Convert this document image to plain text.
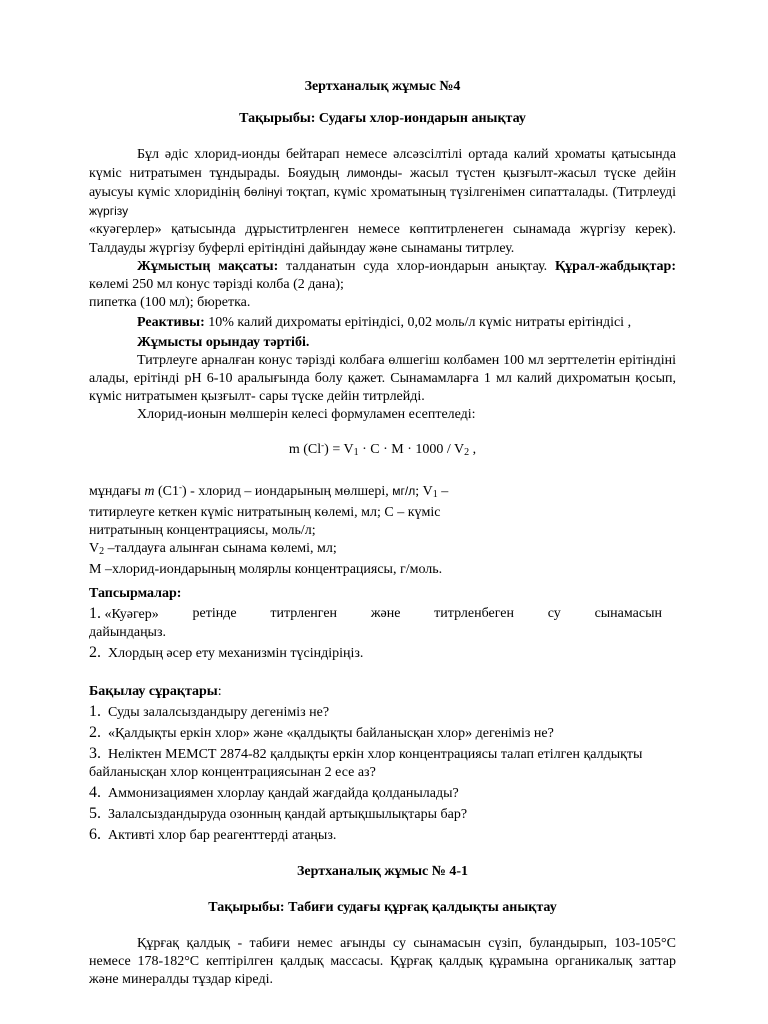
Зертханалық жұмыс №4

Тақырыбы: Судағы хлор-иондарын анықтау

Бұл әдіс хлорид-ионды бейтарап немесе әлсәзсілтілі ортада калий хроматы қатысында күміс нитратымен тұндырады. Бояудың лимонды- жасыл түстен қызғылт-жасыл түске дейін ауысуы күміс хлоридінің бөлінуі тоқтап, күміс хроматының түзілгенімен сипатталады. (Титрлеуді жүргізу

«куәгерлер» қатысында дұрыститрленген немесе көптитрленеген сынамада жүргізу керек). Талдауды жүргізу буферлі ерітіндіні дайындау және сынаманы титрлеу.

Жұмыстың мақсаты: талданатын суда хлор-иондарын анықтау. Құрал-жабдықтар: көлемі 250 мл конус тәрізді колба (2 дана);

пипетка (100 мл); бюретка.

Реактивы: 10% калий дихроматы ерітіндісі, 0,02 моль/л күміс нитраты ерітіндісі ,

Жұмысты орындау тәртібі.

Титрлеуге арналған конус тәрізді колбаға өлшегіш колбамен 100 мл зерттелетін ерітіндіні алады, ерітінді рН 6-10 аралығында болу қажет. Сынамамларға 1 мл калий дихроматын қосып, күміс нитратымен қызғылт- сары түске дейін титрлейді.

Хлорид-ионын мөлшерін келесі формуламен есептеледі:

m $(Cl^-) = V_1 \cdot C \cdot M \cdot 1000 / V_2$ ,

мұндағы m (C1-) - хлорид – иондарының мөлшері, мг/л; $V_1$ –

титирлеуге кеткен күміс нитратының көлемі, мл; С – күміс

нитратының концентрациясы, моль/л;

$V_2$ –талдауға алынған сынама көлемі, мл;

М –хлорид-иондарының молярлы концентрациясы, г/моль.

Тапсырмалар:

1. «Куәгер» ретінде титрленген және титрленбеген су сынамасын

дайындаңыз.

2. Хлордың әсер ету механизмін түсіндіріңіз.

Бақылау сұрақтары:

1. Суды залалсыздандыру дегеніміз не?

2.  «Қалдықты еркін хлор» және «қалдықты байланысқан хлор» дегеніміз не?

3. Неліктен МЕМСТ 2874-82 қалдықты еркін хлор концентрациясы талап етілген қалдықты байланысқан хлор концентрациясынан 2 есе аз?

4. Аммонизациямен хлорлау қандай жағдайда қолданылады?

5. Залалсыздандыруда озонның қандай артықшылықтары бар?

6. Активті хлор бар реагенттерді атаңыз.

Зертханалық жұмыс № 4-1

Тақырыбы: Табиғи судағы құрғақ қалдықты анықтау

Құрғақ қалдық - табиғи немес ағынды су сынамасын сүзіп, буландырып, 103-105°C немесе 178-182°C кептірілген қалдық массасы. Құрғақ қалдық құрамына органикалық заттар және минералды тұздар кіреді.
